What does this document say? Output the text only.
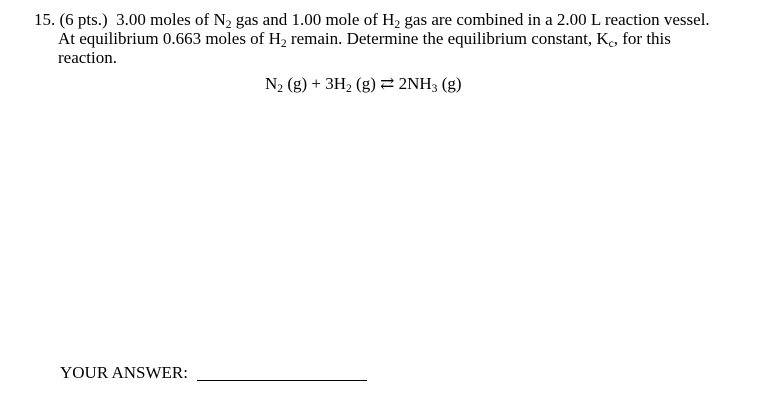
15. (6 pts.) 3.00 moles of $N_2$ gas and 1.00 mole of $H_2$ gas are combined in a 2.00 L reaction vessel.
At equilibrium 0.663 moles of $H_2$ remain. Determine the equilibrium constant, $K_c$, for this
reaction.
$N_2$ $(g) + 3H_2$ (g) ⇄ $2NH_3$ (g)
YOUR ANSWER:
